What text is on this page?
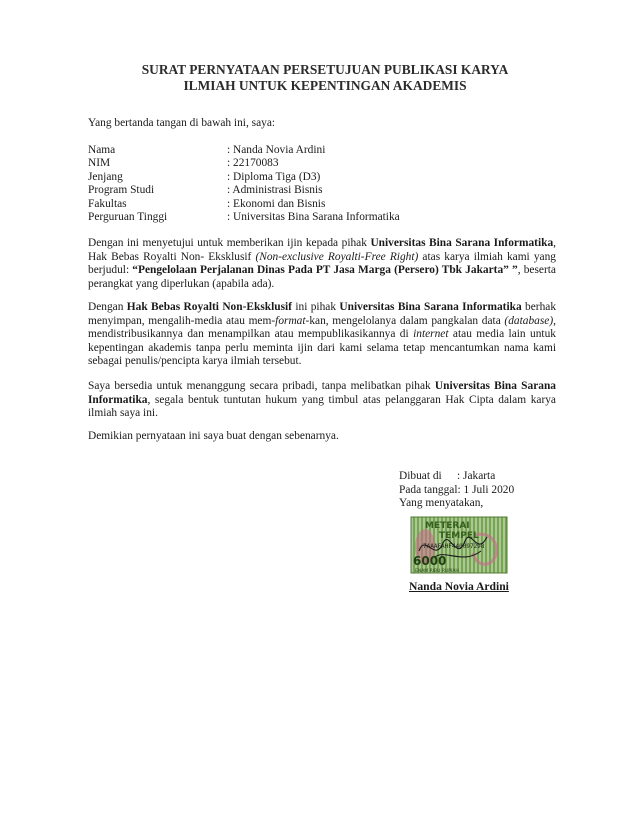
SURAT PERNYATAAN PERSETUJUAN PUBLIKASI KARYA
ILMIAH UNTUK KEPENTINGAN AKADEMIS
Yang bertanda tangan di bawah ini, saya:
Nama	: Nanda Novia Ardini
NIM	: 22170083
Jenjang	: Diploma Tiga (D3)
Program Studi	: Administrasi Bisnis
Fakultas	: Ekonomi dan Bisnis
Perguruan Tinggi	: Universitas Bina Sarana Informatika
Dengan ini menyetujui untuk memberikan ijin kepada pihak Universitas Bina Sarana Informatika, Hak Bebas Royalti Non- Eksklusif (Non-exclusive Royalti-Free Right) atas karya ilmiah kami yang berjudul: “Pengelolaan Perjalanan Dinas Pada PT Jasa Marga (Persero) Tbk Jakarta” ”, beserta perangkat yang diperlukan (apabila ada).
Dengan Hak Bebas Royalti Non-Eksklusif ini pihak Universitas Bina Sarana Informatika berhak menyimpan, mengalih-media atau mem-format-kan, mengelolanya dalam pangkalan data (database), mendistribusikannya dan menampilkan atau mempublikasikannya di internet atau media lain untuk kepentingan akademis tanpa perlu meminta ijin dari kami selama tetap mencantumkan nama kami sebagai penulis/pencipta karya ilmiah tersebut.
Saya bersedia untuk menanggung secara pribadi, tanpa melibatkan pihak Universitas Bina Sarana Informatika, segala bentuk tuntutan hukum yang timbul atas pelanggaran Hak Cipta dalam karya ilmiah saya ini.
Demikian pernyataan ini saya buat dengan sebenarnya.
Dibuat di	: Jakarta
Pada tanggal : 1 Juli 2020
Yang menyatakan,
METERAI
TEMPEL
7AAAFAHF440097298
6000
ENAM RIBU RUPIAH
Nanda Novia Ardini
